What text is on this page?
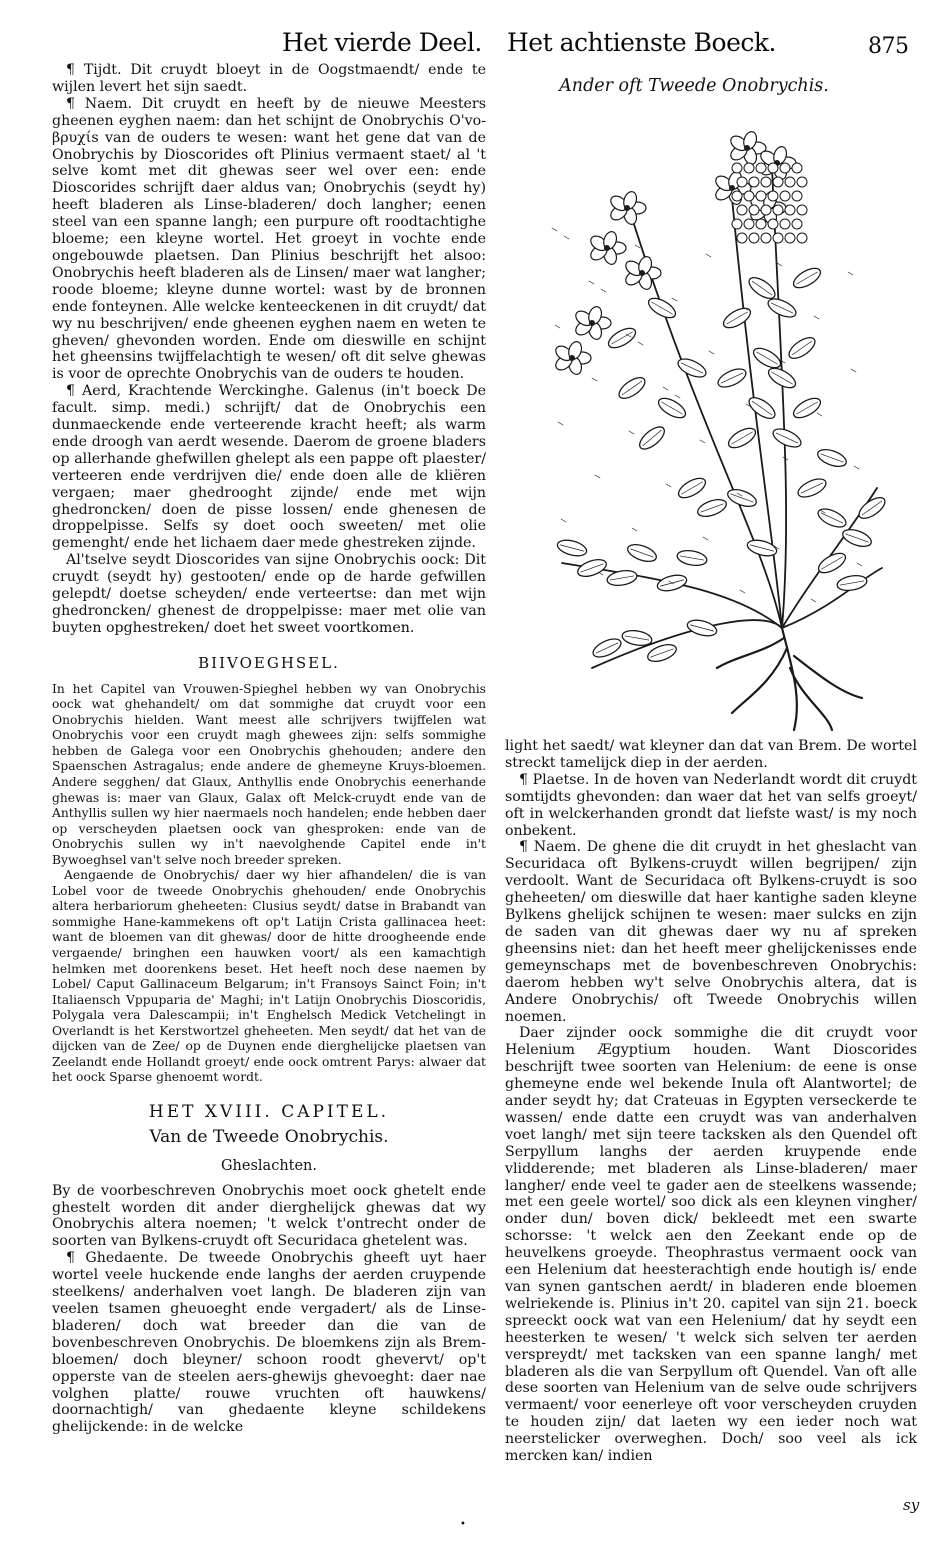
Het vierde Deel. Het achtienste Boeck.	875

¶ Tijdt. Dit cruydt bloeyt in de Oogstmaendt/ ende te wijlen levert het sijn saedt.

¶ Naem. Dit cruydt en heeft by de nieuwe Meesters gheenen eyghen naem: dan het schijnt de Onobrychis O'vo-βρυχίs van de ouders te wesen: want het gene dat van de Onobrychis by Dioscorides oft Plinius vermaent staet/ al 't selve komt met dit ghewas seer wel over een: ende Dioscorides schrijft daer aldus van; Onobrychis (seydt hy) heeft bladeren als Linse-bladeren/ doch langher; eenen steel van een spanne langh; een purpure oft roodtachtighe bloeme; een kleyne wortel. Het groeyt in vochte ende ongebouwde plaetsen. Dan Plinius beschrijft het alsoo: Onobrychis heeft bladeren als de Linsen/ maer wat langher; roode bloeme; kleyne dunne wortel: wast by de bronnen ende fonteynen. Alle welcke kenteeckenen in dit cruydt/ dat wy nu beschrijven/ ende gheenen eyghen naem en weten te gheven/ ghevonden worden. Ende om dieswille en schijnt het gheensins twijffelachtigh te wesen/ oft dit selve ghewas is voor de oprechte Onobrychis van de ouders te houden.

¶ Aerd, Krachtende Werckinghe. Galenus (in't boeck De facult. simp. medi.) schrijft/ dat de Onobrychis een dunmaeckende ende verteerende kracht heeft; als warm ende droogh van aerdt wesende. Daerom de groene bladers op allerhande ghefwillen ghelept als een pappe oft plaester/ verteeren ende verdrijven die/ ende doen alle de kliëren vergaen; maer ghedrooght zijnde/ ende met wijn ghedroncken/ doen de pisse lossen/ ende ghenesen de droppelpisse. Selfs sy doet ooch sweeten/ met olie gemenght/ ende het lichaem daer mede ghestreken zijnde.

Al'tselve seydt Dioscorides van sijne Onobrychis oock: Dit cruydt (seydt hy) gestooten/ ende op de harde gefwillen gelepdt/ doetse scheyden/ ende verteertse: dan met wijn ghedroncken/ ghenest de droppelpisse: maer met olie van buyten opghestreken/ doet het sweet voortkomen.

BIIVOEGHSEL.

In het Capitel van Vrouwen-Spieghel hebben wy van Onobrychis oock wat ghehandelt/ om dat sommighe dat cruydt voor een Onobrychis hielden. Want meest alle schrijvers twijffelen wat Onobrychis voor een cruydt magh ghewees zijn: selfs sommighe hebben de Galega voor een Onobrychis ghehouden; andere den Spaenschen Astragalus; ende andere de ghemeyne Kruys-bloemen. Andere segghen/ dat Glaux, Anthyllis ende Onobrychis eenerhande ghewas is: maer van Glaux, Galax oft Melck-cruydt ende van de Anthyllis sullen wy hier naermaels noch handelen; ende hebben daer op verscheyden plaetsen oock van ghesproken: ende van de Onobrychis sullen wy in't naevolghende Capitel ende in't Bywoeghsel van't selve noch breeder spreken.

Aengaende de Onobrychis/ daer wy hier afhandelen/ die is van Lobel voor de tweede Onobrychis ghehouden/ ende Onobrychis altera herbariorum gheheeten: Clusius seydt/ datse in Brabandt van sommighe Hane-kammekens oft op't Latijn Crista gallinacea heet: want de bloemen van dit ghewas/ door de hitte droogheende ende vergaende/ bringhen een hauwken voort/ als een kamachtigh helmken met doorenkens beset. Het heeft noch dese naemen by Lobel/ Caput Gallinaceum Belgarum; in't Fransoys Sainct Foin; in't Italiaensch Vppuparia de' Maghi; in't Latijn Onobrychis Dioscoridis, Polygala vera Dalescampii; in't Enghelsch Medick Vetchelingt in Overlandt is het Kerstwortzel gheheeten. Men seydt/ dat het van de dijcken van de Zee/ op de Duynen ende dierghelijcke plaetsen van Zeelandt ende Hollandt groeyt/ ende oock omtrent Parys: alwaer dat het oock Sparse ghenoemt wordt.

HET XVIII. CAPITEL.
Van de Tweede Onobrychis.
Gheslachten.

By de voorbeschreven Onobrychis moet oock ghetelt ende ghestelt worden dit ander dierghelijck ghewas dat wy Onobrychis altera noemen; 't welck t'ontrecht onder de soorten van Bylkens-cruydt oft Securidaca ghetelent was.

¶ Ghedaente. De tweede Onobrychis gheeft uyt haer wortel veele huckende ende langhs der aerden cruypende steelkens/ anderhalven voet langh. De bladeren zijn van veelen tsamen gheuoeght ende vergadert/ als de Linse-bladeren/ doch wat breeder dan die van de bovenbeschreven Onobrychis. De bloemkens zijn als Brem-bloemen/ doch bleyner/ schoon roodt ghevervt/ op't opperste van de steelen aers-ghewijs ghevoeght: daer nae volghen platte/ rouwe vruchten oft hauwkens/ doornachtigh/ van ghedaente kleyne schildekens ghelijckende: in de welcke

Ander oft Tweede Onobrychis.

light het saedt/ wat kleyner dan dat van Brem. De wortel streckt tamelijck diep in der aerden.

¶ Plaetse. In de hoven van Nederlandt wordt dit cruydt somtijdts ghevonden: dan waer dat het van selfs groeyt/ oft in welckerhanden grondt dat liefste wast/ is my noch onbekent.

¶ Naem. De ghene die dit cruydt in het gheslacht van Securidaca oft Bylkens-cruydt willen begrijpen/ zijn verdoolt. Want de Securidaca oft Bylkens-cruydt is soo gheheeten/ om dieswille dat haer kantighe saden kleyne Bylkens ghelijck schijnen te wesen: maer sulcks en zijn de saden van dit ghewas daer wy nu af spreken gheensins niet: dan het heeft meer ghelijckenisses ende gemeynschaps met de bovenbeschreven Onobrychis: daerom hebben wy't selve Onobrychis altera, dat is Andere Onobrychis/ oft Tweede Onobrychis willen noemen.

Daer zijnder oock sommighe die dit cruydt voor Helenium Ægyptium houden. Want Dioscorides beschrijft twee soorten van Helenium: de eene is onse ghemeyne ende wel bekende Inula oft Alantwortel; de ander seydt hy; dat Crateuas in Egypten verseckerde te wassen/ ende datte een cruydt was van anderhalven voet langh/ met sijn teere tacksken als den Quendel oft Serpyllum langhs der aerden kruypende ende vlidderende; met bladeren als Linse-bladeren/ maer langher/ ende veel te gader aen de steelkens wassende; met een geele wortel/ soo dick als een kleynen vingher/ onder dun/ boven dick/ bekleedt met een swarte schorsse: 't welck aen den Zeekant ende op de heuvelkens groeyde. Theophrastus vermaent oock van een Helenium dat heesterachtigh ende houtigh is/ ende van synen gantschen aerdt/ in bladeren ende bloemen welriekende is. Plinius in't 20. capitel van sijn 21. boeck spreeckt oock wat van een Helenium/ dat hy seydt een heesterken te wesen/ 't welck sich selven ter aerden verspreydt/ met tacksken van een spanne langh/ met bladeren als die van Serpyllum oft Quendel. Van oft alle dese soorten van Helenium van de selve oude schrijvers vermaent/ voor eenerleye oft voor verscheyden cruyden te houden zijn/ dat laeten wy een ieder noch wat neerstelicker overweghen. Doch/ soo veel als ick mercken kan/ indien

sy
•
